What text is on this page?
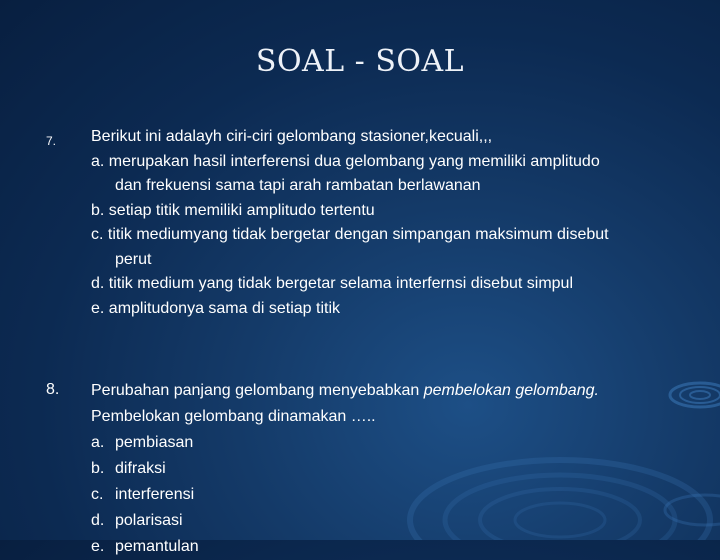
SOAL - SOAL
7. Berikut ini adalayh ciri-ciri gelombang stasioner,kecuali,,,
a. merupakan hasil interferensi dua gelombang yang memiliki amplitudo
dan frekuensi sama tapi arah rambatan berlawanan
b. setiap titik memiliki amplitudo tertentu
c. titik mediumyang tidak bergetar dengan simpangan maksimum disebut
perut
d. titik medium yang tidak bergetar selama interfernsi disebut simpul
e. amplitudonya sama di setiap titik
8. Perubahan panjang gelombang menyebabkan pembelokan gelombang.
Pembelokan gelombang dinamakan …..
a. pembiasan
b. difraksi
c. interferensi
d. polarisasi
e. pemantulan
